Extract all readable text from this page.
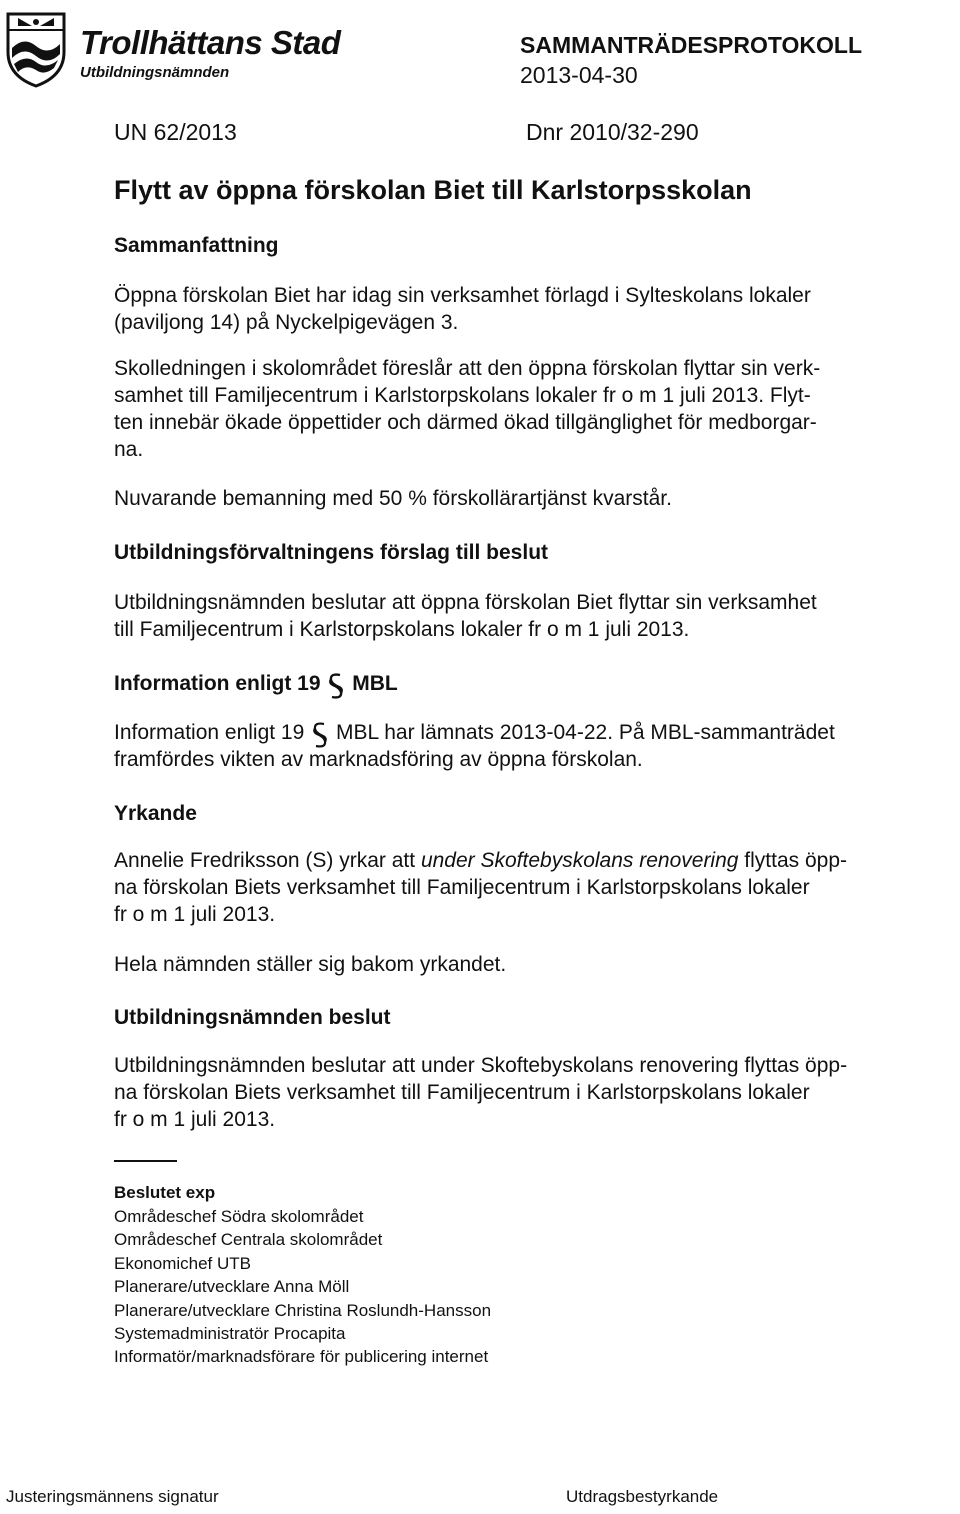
Trollhättans Stad
Utbildningsnämnden
SAMMANTRÄDESPROTOKOLL
2013-04-30
UN 62/2013	Dnr 2010/32-290
Flytt av öppna förskolan Biet till Karlstorpsskolan
Sammanfattning
Öppna förskolan Biet har idag sin verksamhet förlagd i Sylteskolans lokaler
(paviljong 14) på Nyckelpigevägen 3.
Skolledningen i skolområdet föreslår att den öppna förskolan flyttar sin verk-
samhet till Familjecentrum i Karlstorpskolans lokaler fr o m 1 juli 2013. Flyt-
ten innebär ökade öppettider och därmed ökad tillgänglighet för medborgar-
na.
Nuvarande bemanning med 50 % förskollärartjänst kvarstår.
Utbildningsförvaltningens förslag till beslut
Utbildningsnämnden beslutar att öppna förskolan Biet flyttar sin verksamhet
till Familjecentrum i Karlstorpskolans lokaler fr o m 1 juli 2013.
Information enligt 19 MBL
Information enligt 19 MBL har lämnats 2013-04-22. På MBL-sammanträdet
framfördes vikten av marknadsföring av öppna förskolan.
Yrkande
Annelie Fredriksson (S) yrkar att under Skoftebyskolans renovering flyttas öpp-
na förskolan Biets verksamhet till Familjecentrum i Karlstorpskolans lokaler
fr o m 1 juli 2013.
Hela nämnden ställer sig bakom yrkandet.
Utbildningsnämnden beslut
Utbildningsnämnden beslutar att under Skoftebyskolans renovering flyttas öpp-
na förskolan Biets verksamhet till Familjecentrum i Karlstorpskolans lokaler
fr o m 1 juli 2013.
Beslutet exp
Områdeschef Södra skolområdet
Områdeschef Centrala skolområdet
Ekonomichef UTB
Planerare/utvecklare Anna Möll
Planerare/utvecklare Christina Roslundh-Hansson
Systemadministratör Procapita
Informatör/marknadsförare för publicering internet
Justeringsmännens signatur	Utdragsbestyrkande
